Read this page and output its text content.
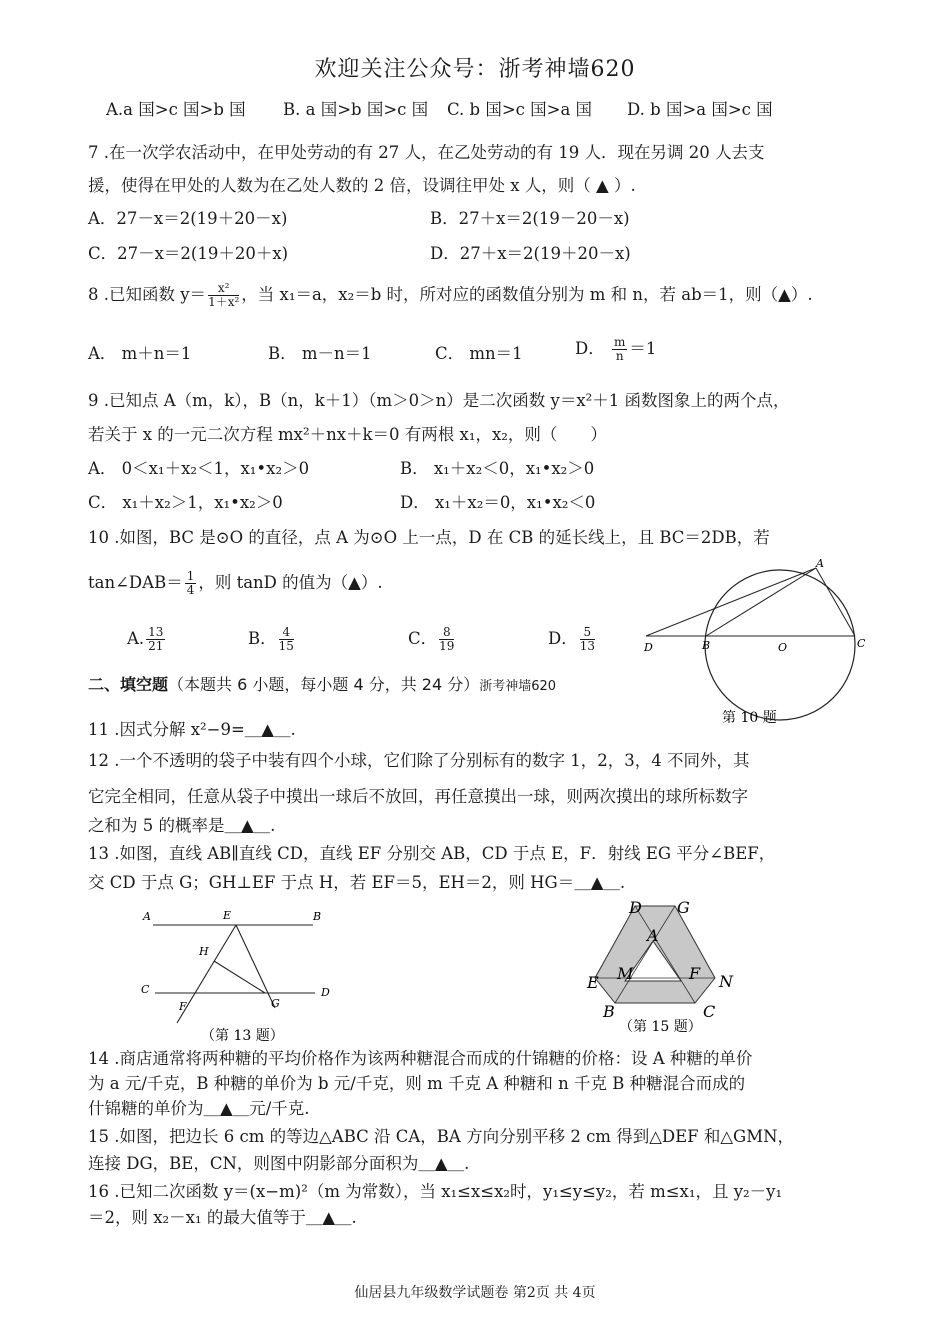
欢迎关注公众号：浙考神墙620
A.a 国>c 国>b 国 B. a 国>b 国>c 国 C. b 国>c 国>a 国 D. b 国>a 国>c 国
7 .在一次学农活动中，在甲处劳动的有 27 人，在乙处劳动的有 19 人．现在另调 20 人去支
援，使得在甲处的人数为在乙处人数的 2 倍，设调往甲处 x 人，则（ ▲ ）.
A．27－x＝2(19＋20－x)	B．27＋x＝2(19－20－x)
C．27－x＝2(19＋20＋x)	D．27＋x＝2(19＋20－x)
8 .已知函数 $y= \frac{\text{x²}}{\text{1＋x²}}$ ，当 x₁＝a，x₂＝b 时，所对应的函数值分别为 m 和 n，若 ab＝1，则（▲）.
A． m＋n＝1	B． m－n＝1	C． mn＝1	D． $\frac{m}{n} =1$
9 .已知点 A（m，k），B（n，k＋1）（m＞0＞n）是二次函数 y＝x²＋1 函数图象上的两个点，
若关于 x 的一元二次方程 mx²＋nx＋k＝0 有两根 x₁，x₂，则（　　）
A． 0＜x₁＋x₂＜1，x₁•x₂＞0	B． x₁＋x₂＜0，x₁•x₂＞0
C． x₁＋x₂＞1，x₁•x₂＞0	D． x₁＋x₂＝0，x₁•x₂＜0
10 .如图，BC 是⊙O 的直径，点 A 为⊙O 上一点，D 在 CB 的延长线上，且 BC＝2DB，若
tan∠DAB＝ $\frac{1}{4}$ ，则 tanD 的值为（▲）.
A. $\frac{13}{21}$	B． $\frac{4}{15}$	C． $\frac{8}{19}$	D． $\frac{5}{13}$
A
B	C
D	O
第 10 题
二、填空题（本题共 6 小题，每小题 4 分，共 24 分）浙考神墙620
11 .因式分解 x²−9=＿▲＿.
12 .一个不透明的袋子中装有四个小球，它们除了分别标有的数字 1，2，3，4 不同外，其
它完全相同，任意从袋子中摸出一球后不放回，再任意摸出一球，则两次摸出的球所标数字
之和为 5 的概率是＿▲＿.
13 .如图，直线 AB∥直线 CD，直线 EF 分别交 AB，CD 于点 E，F．射线 EG 平分∠BEF，
交 CD 于点 G；GH⊥EF 于点 H，若 EF＝5，EH＝2，则 HG＝＿▲＿.
A	B
C	D
E
F	G
H
（第 13 题）
D G
A
E M	F N
B	C
（第 15 题）
14 .商店通常将两种糖的平均价格作为该两种糖混合而成的什锦糖的价格：设 A 种糖的单价
为 a 元/千克，B 种糖的单价为 b 元/千克，则 m 千克 A 种糖和 n 千克 B 种糖混合而成的
什锦糖的单价为＿▲＿元/千克.
15 .如图，把边长 6 cm 的等边△ABC 沿 CA，BA 方向分别平移 2 cm 得到△DEF 和△GMN，
连接 DG，BE，CN，则图中阴影部分面积为＿▲＿.
16 .已知二次函数 y＝(x−m)²（m 为常数），当 x₁≤x≤x₂时，y₁≤y≤y₂，若 m≤x₁，且 y₂－y₁
＝2，则 x₂－x₁ 的最大值等于＿▲＿.
仙居县九年级数学试题卷 第2页 共 4页
